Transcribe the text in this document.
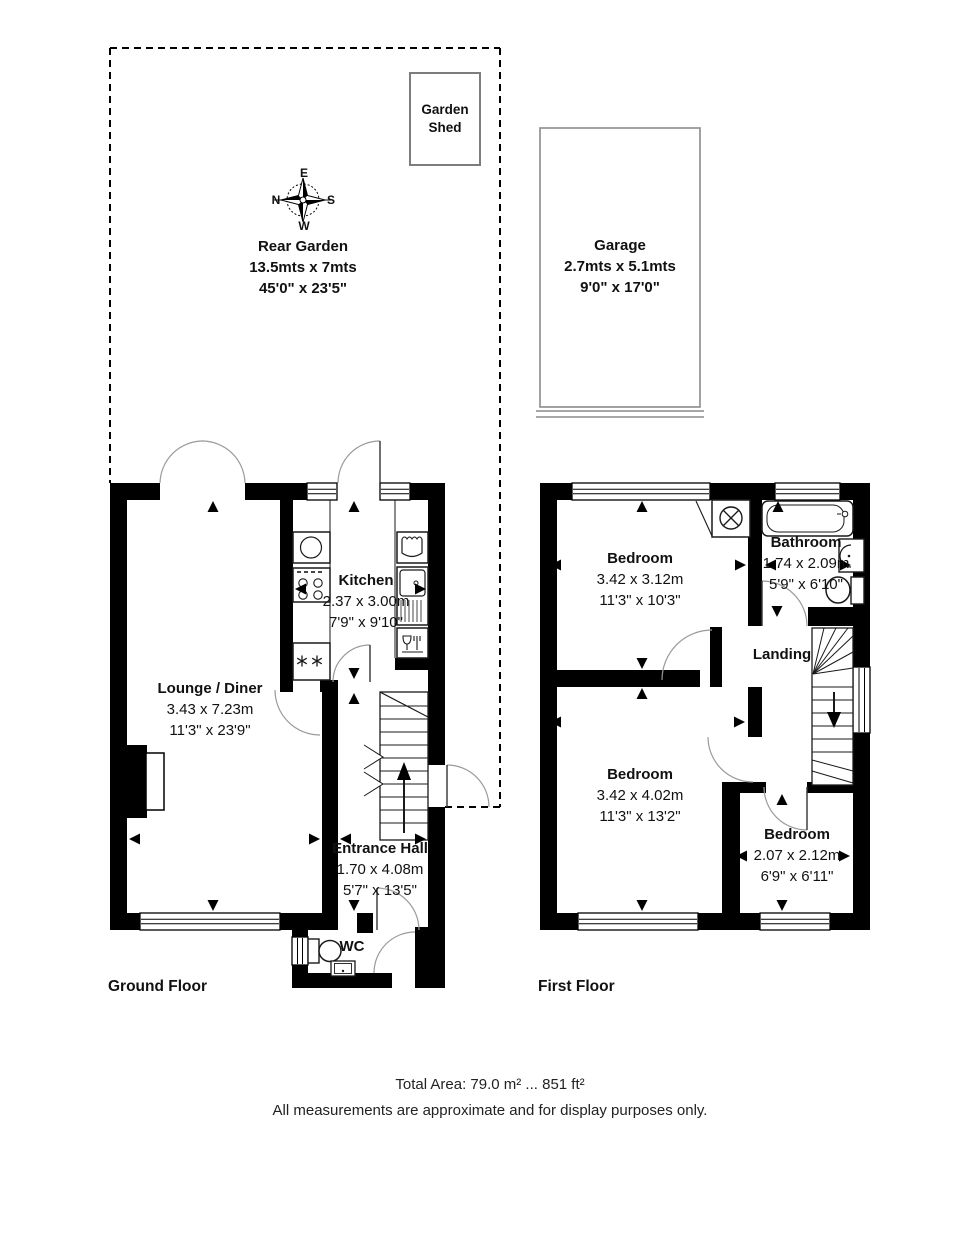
Garden Shed
E
N	S
W
Rear Garden
13.5mts x 7mts
45'0" x 23'5"
Garage
2.7mts x 5.1mts
9'0" x 17'0"
Lounge / Diner
3.43 x 7.23m
11'3" x 23'9"
Kitchen
2.37 x 3.00m
7'9" x 9'10"
Entrance Hall
1.70 x 4.08m
5'7" x 13'5"
WC
Bedroom
3.42 x 3.12m
11'3" x 10'3"
Bathroom
1.74 x 2.09m
5'9" x 6'10"
Landing
Bedroom
3.42 x 4.02m
11'3" x 13'2"
Bedroom
2.07 x 2.12m
6'9" x 6'11"
Ground Floor	First Floor
Total Area: 79.0 m² ... 851 ft²
All measurements are approximate and for display purposes only.
